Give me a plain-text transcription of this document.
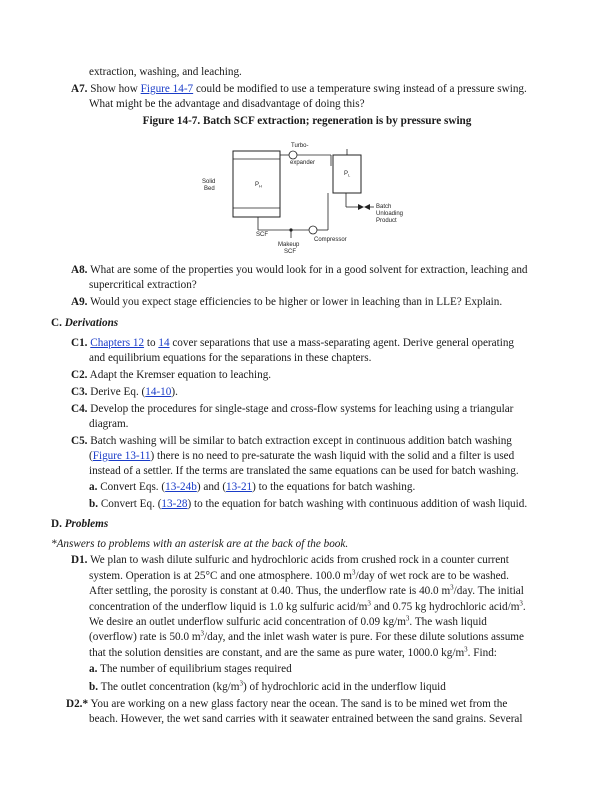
extraction, washing, and leaching.
A7. Show how Figure 14-7 could be modified to use a temperature swing instead of a pressure swing.
What might be the advantage and disadvantage of doing this?
Figure 14-7. Batch SCF extraction; regeneration is by pressure swing
Solid
Bed
$P_H$
Turbo-
expander
$P_L$
Batch
Unloading
Product
Compressor
SCF
Makeup
SCF
A8. What are some of the properties you would look for in a good solvent for extraction, leaching and
supercritical extraction?
A9. Would you expect stage efficiencies to be higher or lower in leaching than in LLE? Explain.
C. Derivations
C1. Chapters 12 to 14 cover separations that use a mass-separating agent. Derive general operating
and equilibrium equations for the separations in these chapters.
C2. Adapt the Kremser equation to leaching.
C3. Derive Eq. (14-10).
C4. Develop the procedures for single-stage and cross-flow systems for leaching using a triangular
diagram.
C5. Batch washing will be similar to batch extraction except in continuous addition batch washing
(Figure 13-11) there is no need to pre-saturate the wash liquid with the solid and a filter is used
instead of a settler. If the terms are translated the same equations can be used for batch washing.
a. Convert Eqs. (13-24b) and (13-21) to the equations for batch washing.
b. Convert Eq. (13-28) to the equation for batch washing with continuous addition of wash liquid.
D. Problems
*Answers to problems with an asterisk are at the back of the book.
D1. We plan to wash dilute sulfuric and hydrochloric acids from crushed rock in a counter current
system. Operation is at 25°C and one atmosphere. 100.0 $m^3$/day of wet rock are to be washed.
After settling, the porosity is constant at 0.40. Thus, the underflow rate is 40.0 $m^3$/day. The initial
concentration of the underflow liquid is 1.0 kg sulfuric acid/$m^3$ and 0.75 kg hydrochloric acid/$m^3$.
We desire an outlet underflow sulfuric acid concentration of 0.09 $kg/m^3$. The wash liquid
(overflow) rate is 50.0 $m^3$/day, and the inlet wash water is pure. For these dilute solutions assume
that the solution densities are constant, and are the same as pure water, 1000.0 $kg/m^3$. Find:
a. The number of equilibrium stages required
b. The outlet concentration $(kg/m^3)$ of hydrochloric acid in the underflow liquid
D2.* You are working on a new glass factory near the ocean. The sand is to be mined wet from the
beach. However, the wet sand carries with it seawater entrained between the sand grains. Several
